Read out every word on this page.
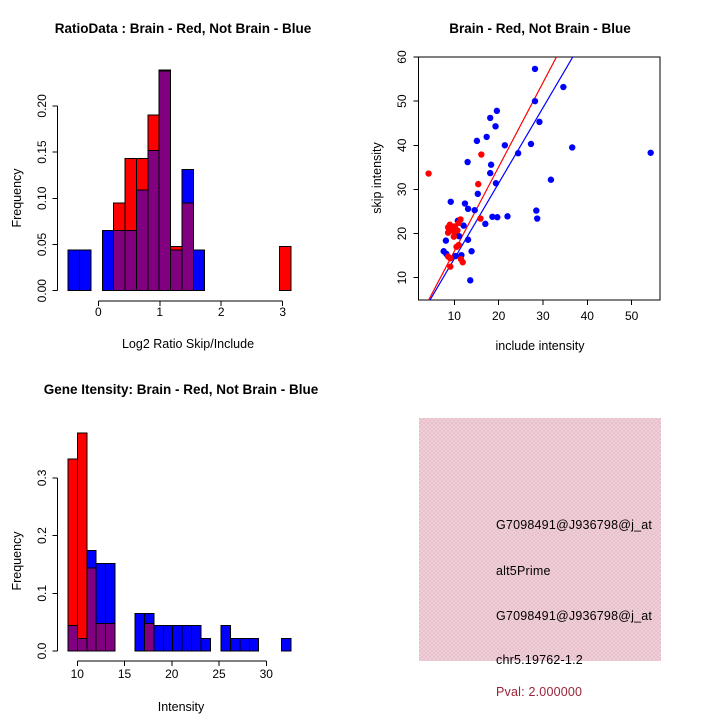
RatioData : Brain - Red, Not Brain - Blue
Log2 Ratio Skip/Include
Frequency
0	1	2	3
0.00
0.05
0.10
0.15
0.20
Brain - Red, Not Brain - Blue
include intensity
skip intensity
10	20	30	40	50
10
20
30
40
50
60
Gene Itensity: Brain - Red, Not Brain - Blue
Intensity
Frequency
10	15	20	25	30
0.0
0.1
0.2
0.3
G7098491@J936798@j_at
alt5Prime
G7098491@J936798@j_at
chr5.19762-1.2
Pval: 2.000000
